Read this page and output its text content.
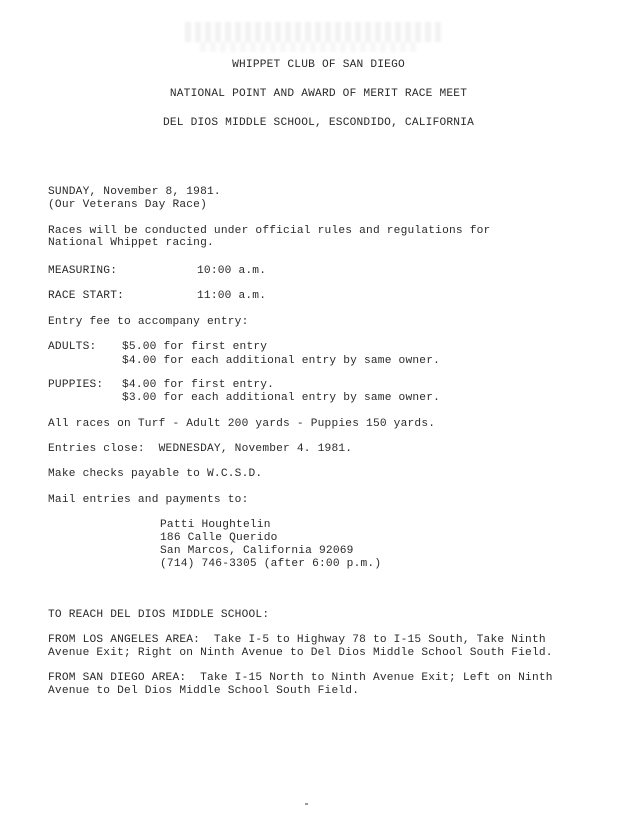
WHIPPET CLUB OF SAN DIEGO
NATIONAL POINT AND AWARD OF MERIT RACE MEET
DEL DIOS MIDDLE SCHOOL, ESCONDIDO, CALIFORNIA
SUNDAY, November 8, 1981.
(Our Veterans Day Race)
Races will be conducted under official rules and regulations for
National Whippet racing.
MEASURING:	10:00 a.m.
RACE START:	11:00 a.m.
Entry fee to accompany entry:
ADULTS: $5.00 for first entry
$4.00 for each additional entry by same owner.
PUPPIES: $4.00 for first entry.
$3.00 for each additional entry by same owner.
All races on Turf - Adult 200 yards - Puppies 150 yards.
Entries close:  WEDNESDAY, November 4. 1981.
Make checks payable to W.C.S.D.
Mail entries and payments to:
Patti Houghtelin
186 Calle Querido
San Marcos, California 92069
(714) 746-3305 (after 6:00 p.m.)
TO REACH DEL DIOS MIDDLE SCHOOL:
FROM LOS ANGELES AREA:  Take I-5 to Highway 78 to I-15 South, Take Ninth
Avenue Exit; Right on Ninth Avenue to Del Dios Middle School South Field.
FROM SAN DIEGO AREA:  Take I-15 North to Ninth Avenue Exit; Left on Ninth
Avenue to Del Dios Middle School South Field.
